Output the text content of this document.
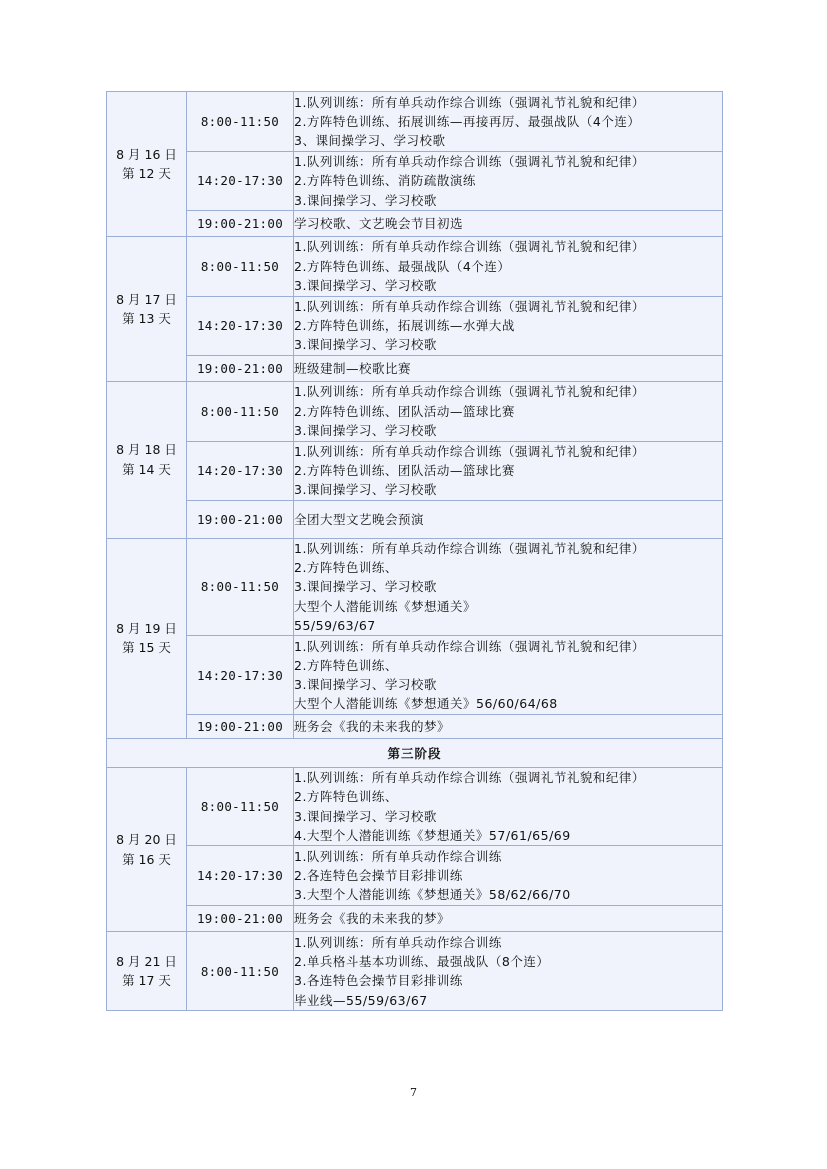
8 月 16 日
第 12 天	8:00-11:50	1.队列训练：所有单兵动作综合训练（强调礼节礼貌和纪律）
2.方阵特色训练、拓展训练—再接再厉、最强战队（4个连）
3、课间操学习、学习校歌

	14:20-17:30	1.队列训练：所有单兵动作综合训练（强调礼节礼貌和纪律）
2.方阵特色训练、消防疏散演练
3.课间操学习、学习校歌

	19:00-21:00	学习校歌、文艺晚会节目初选

8 月 17 日
第 13 天	8:00-11:50	1.队列训练：所有单兵动作综合训练（强调礼节礼貌和纪律）
2.方阵特色训练、最强战队（4个连）
3.课间操学习、学习校歌

	14:20-17:30	1.队列训练：所有单兵动作综合训练（强调礼节礼貌和纪律）
2.方阵特色训练，拓展训练—水弹大战
3.课间操学习、学习校歌

	19:00-21:00	班级建制—校歌比赛

8 月 18 日
第 14 天	8:00-11:50	1.队列训练：所有单兵动作综合训练（强调礼节礼貌和纪律）
2.方阵特色训练、团队活动—篮球比赛
3.课间操学习、学习校歌

	14:20-17:30	1.队列训练：所有单兵动作综合训练（强调礼节礼貌和纪律）
2.方阵特色训练、团队活动—篮球比赛
3.课间操学习、学习校歌

	19:00-21:00	全团大型文艺晚会预演

8 月 19 日
第 15 天	8:00-11:50	1.队列训练：所有单兵动作综合训练（强调礼节礼貌和纪律）
2.方阵特色训练、
3.课间操学习、学习校歌
大型个人潜能训练《梦想通关》
55/59/63/67

	14:20-17:30	1.队列训练：所有单兵动作综合训练（强调礼节礼貌和纪律）
2.方阵特色训练、
3.课间操学习、学习校歌
大型个人潜能训练《梦想通关》56/60/64/68

	19:00-21:00	班务会《我的未来我的梦》

第三阶段		

8 月 20 日
第 16 天	8:00-11:50	1.队列训练：所有单兵动作综合训练（强调礼节礼貌和纪律）
2.方阵特色训练、
3.课间操学习、学习校歌
4.大型个人潜能训练《梦想通关》57/61/65/69

	14:20-17:30	1.队列训练：所有单兵动作综合训练
2.各连特色会操节目彩排训练
3.大型个人潜能训练《梦想通关》58/62/66/70

	19:00-21:00	班务会《我的未来我的梦》

8 月 21 日
第 17 天	8:00-11:50	1.队列训练：所有单兵动作综合训练
2.单兵格斗基本功训练、最强战队（8个连）
3.各连特色会操节目彩排训练
毕业线—55/59/63/67
7
